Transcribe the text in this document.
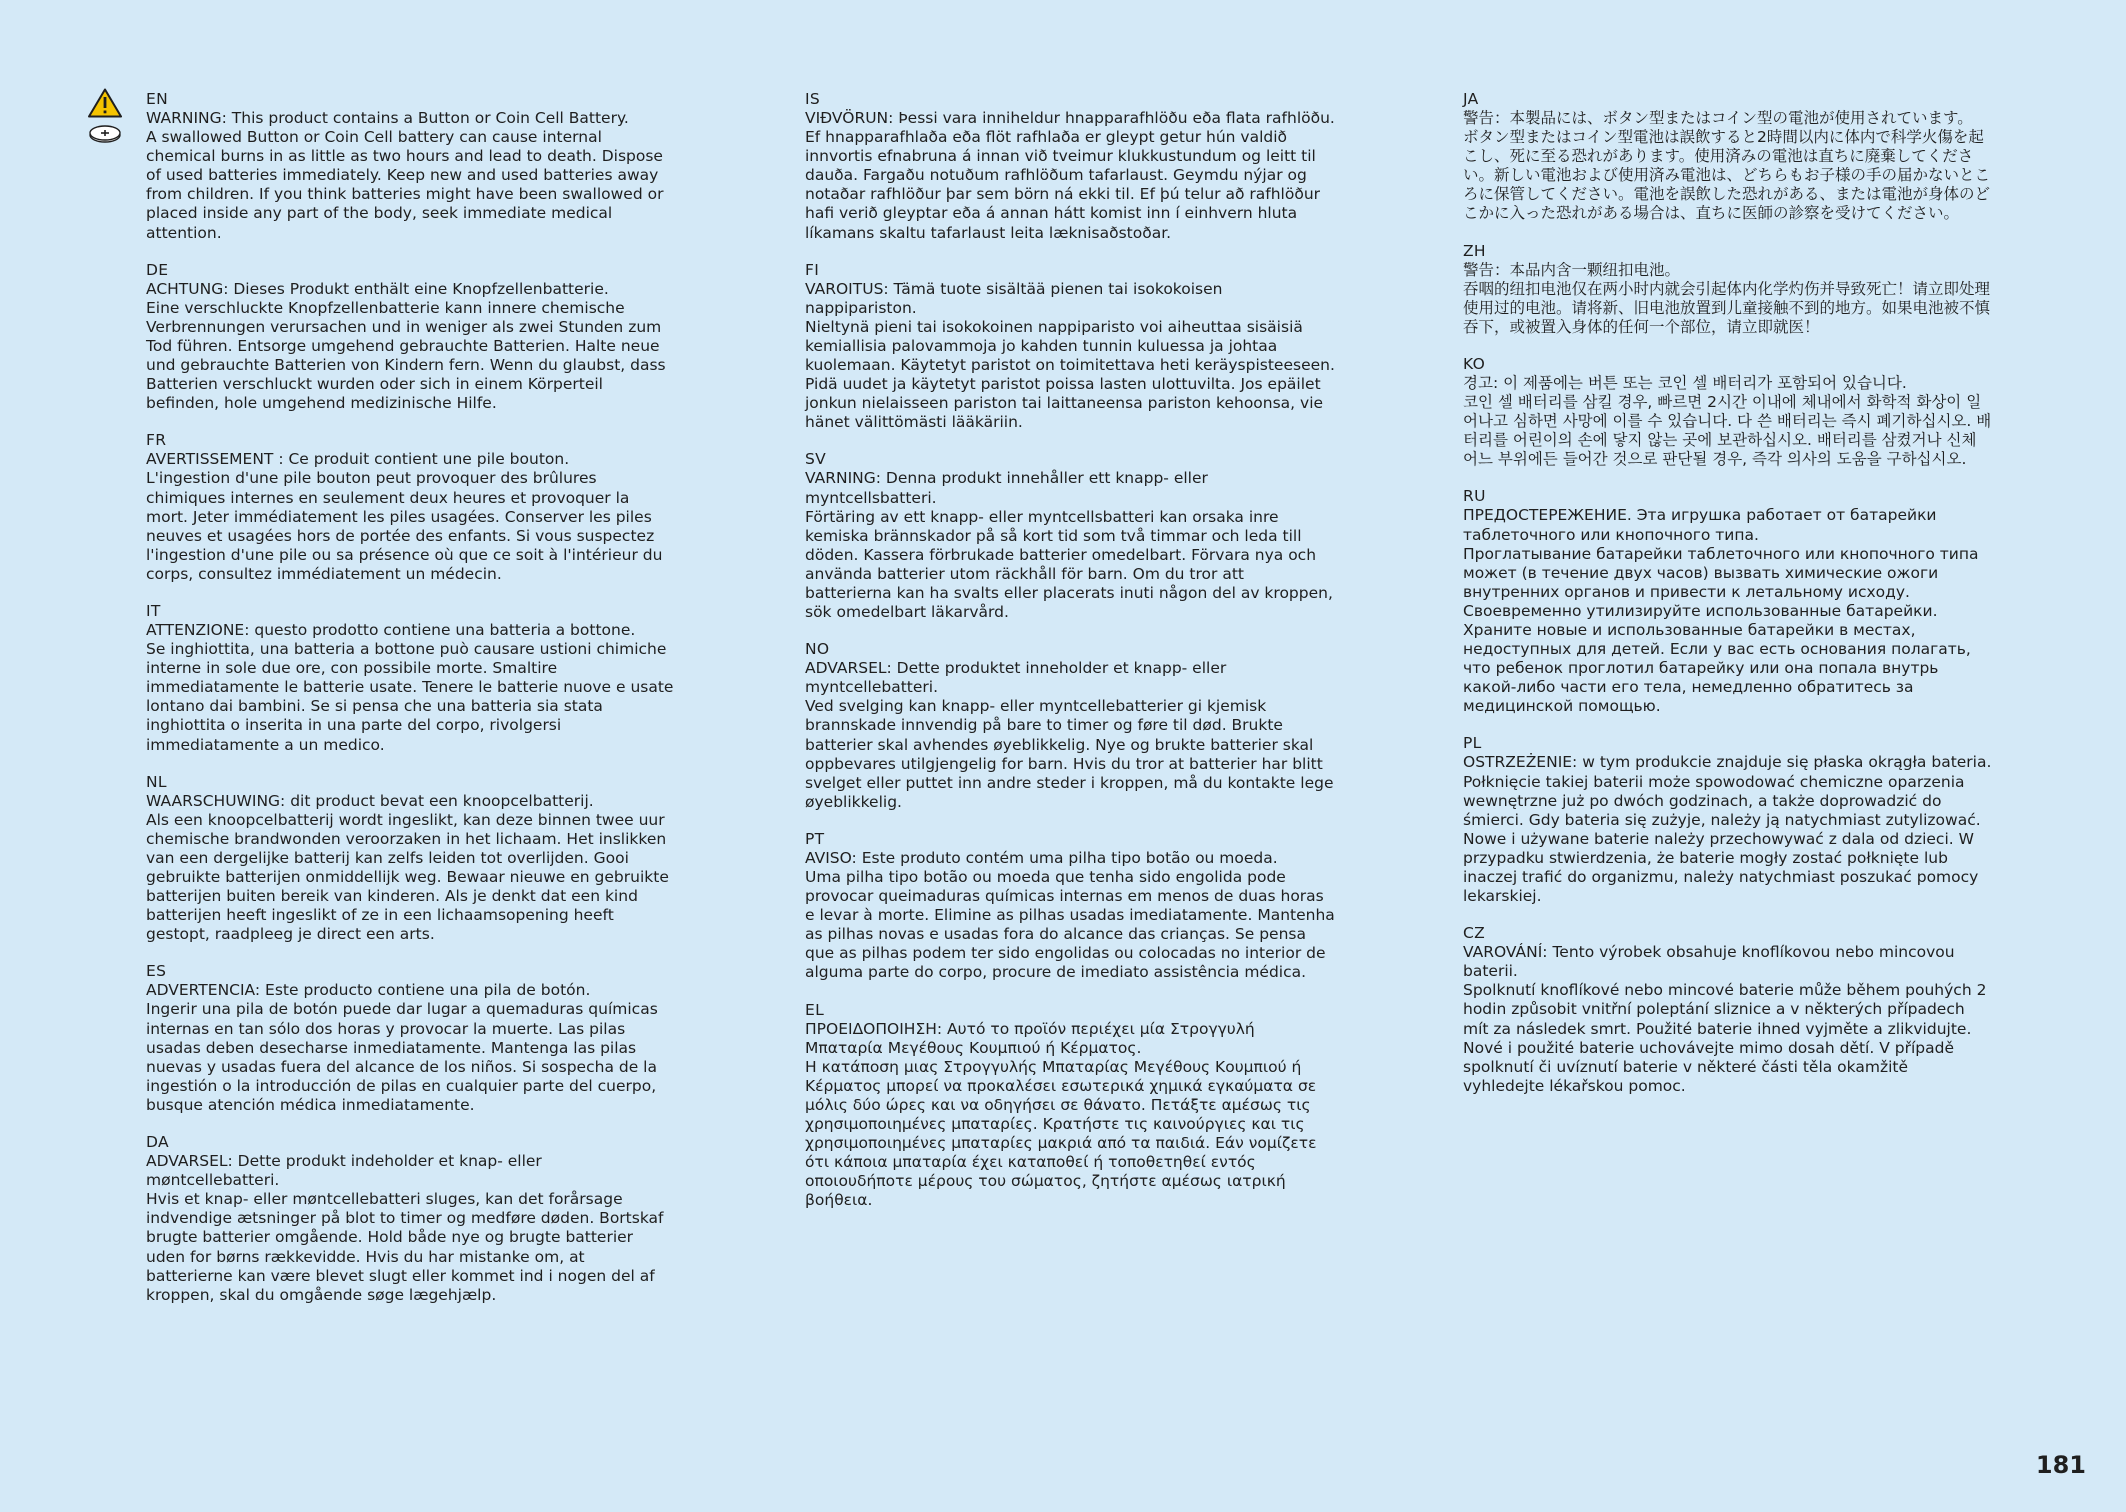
EN

WARNING: This product contains a Button or Coin Cell Battery.
A swallowed Button or Coin Cell battery can cause internal chemical burns in as little as two hours and lead to death. Dispose of used batteries immediately. Keep new and used batteries away from children. If you think batteries might have been swallowed or placed inside any part of the body, seek immediate medical attention.

DE

ACHTUNG: Dieses Produkt enthält eine Knopfzellenbatterie.
Eine verschluckte Knopfzellenbatterie kann innere chemische Verbrennungen verursachen und in weniger als zwei Stunden zum Tod führen. Entsorge umgehend gebrauchte Batterien. Halte neue und gebrauchte Batterien von Kindern fern. Wenn du glaubst, dass Batterien verschluckt wurden oder sich in einem Körperteil befinden, hole umgehend medizinische Hilfe.

FR

AVERTISSEMENT : Ce produit contient une pile bouton.
L'ingestion d'une pile bouton peut provoquer des brûlures chimiques internes en seulement deux heures et provoquer la mort. Jeter immédiatement les piles usagées. Conserver les piles neuves et usagées hors de portée des enfants. Si vous suspectez l'ingestion d'une pile ou sa présence où que ce soit à l'intérieur du corps, consultez immédiatement un médecin.

IT

ATTENZIONE: questo prodotto contiene una batteria a bottone.
Se inghiottita, una batteria a bottone può causare ustioni chimiche interne in sole due ore, con possibile morte. Smaltire immediatamente le batterie usate. Tenere le batterie nuove e usate lontano dai bambini. Se si pensa che una batteria sia stata inghiottita o inserita in una parte del corpo, rivolgersi immediatamente a un medico.

NL

WAARSCHUWING: dit product bevat een knoopcelbatterij.
Als een knoopcelbatterij wordt ingeslikt, kan deze binnen twee uur chemische brandwonden veroorzaken in het lichaam. Het inslikken van een dergelijke batterij kan zelfs leiden tot overlijden. Gooi gebruikte batterijen onmiddellijk weg. Bewaar nieuwe en gebruikte batterijen buiten bereik van kinderen. Als je denkt dat een kind batterijen heeft ingeslikt of ze in een lichaamsopening heeft gestopt, raadpleeg je direct een arts.

ES

ADVERTENCIA: Este producto contiene una pila de botón.
Ingerir una pila de botón puede dar lugar a quemaduras químicas internas en tan sólo dos horas y provocar la muerte. Las pilas usadas deben desecharse inmediatamente. Mantenga las pilas nuevas y usadas fuera del alcance de los niños. Si sospecha de la ingestión o la introducción de pilas en cualquier parte del cuerpo, busque atención médica inmediatamente.

DA

ADVARSEL: Dette produkt indeholder et knap- eller møntcellebatteri.
Hvis et knap- eller møntcellebatteri sluges, kan det forårsage indvendige ætsninger på blot to timer og medføre døden. Bortskaf brugte batterier omgående. Hold både nye og brugte batterier uden for børns rækkevidde. Hvis du har mistanke om, at batterierne kan være blevet slugt eller kommet ind i nogen del af kroppen, skal du omgående søge lægehjælp.

IS

VIÐVÖRUN: Þessi vara inniheldur hnapparafhlöðu eða flata rafhlöðu.
Ef hnapparafhlaða eða flöt rafhlaða er gleypt getur hún valdið innvortis efnabruna á innan við tveimur klukkustundum og leitt til dauða. Fargaðu notuðum rafhlöðum tafarlaust. Geymdu nýjar og notaðar rafhlöður þar sem börn ná ekki til. Ef þú telur að rafhlöður hafi verið gleyptar eða á annan hátt komist inn í einhvern hluta líkamans skaltu tafarlaust leita læknisaðstoðar.

FI

VAROITUS: Tämä tuote sisältää pienen tai isokokoisen nappipariston.
Nieltynä pieni tai isokokoinen nappiparisto voi aiheuttaa sisäisiä kemiallisia palovammoja jo kahden tunnin kuluessa ja johtaa kuolemaan. Käytetyt paristot on toimitettava heti keräyspisteeseen. Pidä uudet ja käytetyt paristot poissa lasten ulottuvilta. Jos epäilet jonkun nielaisseen pariston tai laittaneensa pariston kehoonsa, vie hänet välittömästi lääkäriin.

SV

VARNING: Denna produkt innehåller ett knapp- eller myntcellsbatteri.
Förtäring av ett knapp- eller myntcellsbatteri kan orsaka inre kemiska brännskador på så kort tid som två timmar och leda till döden. Kassera förbrukade batterier omedelbart. Förvara nya och använda batterier utom räckhåll för barn. Om du tror att batterierna kan ha svalts eller placerats inuti någon del av kroppen, sök omedelbart läkarvård.

NO

ADVARSEL: Dette produktet inneholder et knapp- eller myntcellebatteri.
Ved svelging kan knapp- eller myntcellebatterier gi kjemisk brannskade innvendig på bare to timer og føre til død. Brukte batterier skal avhendes øyeblikkelig. Nye og brukte batterier skal oppbevares utilgjengelig for barn. Hvis du tror at batterier har blitt svelget eller puttet inn andre steder i kroppen, må du kontakte lege øyeblikkelig.

PT

AVISO: Este produto contém uma pilha tipo botão ou moeda.
Uma pilha tipo botão ou moeda que tenha sido engolida pode provocar queimaduras químicas internas em menos de duas horas e levar à morte. Elimine as pilhas usadas imediatamente. Mantenha as pilhas novas e usadas fora do alcance das crianças. Se pensa que as pilhas podem ter sido engolidas ou colocadas no interior de alguma parte do corpo, procure de imediato assistência médica.

EL

ΠΡΟΕΙΔΟΠΟΙΗΣΗ: Αυτό το προϊόν περιέχει μία Στρογγυλή Μπαταρία Μεγέθους Κουμπιού ή Κέρματος.
Η κατάποση μιας Στρογγυλής Μπαταρίας Μεγέθους Κουμπιού ή Κέρματος μπορεί να προκαλέσει εσωτερικά χημικά εγκαύματα σε μόλις δύο ώρες και να οδηγήσει σε θάνατο. Πετάξτε αμέσως τις χρησιμοποιημένες μπαταρίες. Κρατήστε τις καινούργιες και τις χρησιμοποιημένες μπαταρίες μακριά από τα παιδιά. Εάν νομίζετε ότι κάποια μπαταρία έχει καταποθεί ή τοποθετηθεί εντός οποιουδήποτε μέρους του σώματος, ζητήστε αμέσως ιατρική βοήθεια.

JA

警告：本製品には、ボタン型またはコイン型の電池が使用されています。
ボタン型またはコイン型電池は誤飲すると2時間以内に体内で科学火傷を起こし、死に至る恐れがあります。使用済みの電池は直ちに廃棄してください。新しい電池および使用済み電池は、どちらもお子様の手の届かないところに保管してください。電池を誤飲した恐れがある、または電池が身体のどこかに入った恐れがある場合は、直ちに医師の診察を受けてください。

ZH

警告：本品内含一颗纽扣电池。
吞咽的纽扣电池仅在两小时内就会引起体内化学灼伤并导致死亡！请立即处理使用过的电池。请将新、旧电池放置到儿童接触不到的地方。如果电池被不慎吞下，或被置入身体的任何一个部位，请立即就医！

KO

경고: 이 제품에는 버튼 또는 코인 셀 배터리가 포함되어 있습니다.
코인 셀 배터리를 삼킬 경우, 빠르면 2시간 이내에 체내에서 화학적 화상이 일어나고 심하면 사망에 이를 수 있습니다. 다 쓴 배터리는 즉시 폐기하십시오. 배터리를 어린이의 손에 닿지 않는 곳에 보관하십시오. 배터리를 삼켰거나 신체 어느 부위에든 들어간 것으로 판단될 경우, 즉각 의사의 도움을 구하십시오.

RU

ПРЕДОСТЕРЕЖЕНИЕ. Эта игрушка работает от батарейки таблеточного или кнопочного типа.
Проглатывание батарейки таблеточного или кнопочного типа может (в течение двух часов) вызвать химические ожоги внутренних органов и привести к летальному исходу. Своевременно утилизируйте использованные батарейки. Храните новые и использованные батарейки в местах, недоступных для детей. Если у вас есть основания полагать, что ребенок проглотил батарейку или она попала внутрь какой-либо части его тела, немедленно обратитесь за медицинской помощью.

PL

OSTRZEŻENIE: w tym produkcie znajduje się płaska okrągła bateria.
Połknięcie takiej baterii może spowodować chemiczne oparzenia wewnętrzne już po dwóch godzinach, a także doprowadzić do śmierci. Gdy bateria się zużyje, należy ją natychmiast zutylizować. Nowe i używane baterie należy przechowywać z dala od dzieci. W przypadku stwierdzenia, że baterie mogły zostać połknięte lub inaczej trafić do organizmu, należy natychmiast poszukać pomocy lekarskiej.

CZ

VAROVÁNÍ: Tento výrobek obsahuje knoflíkovou nebo mincovou baterii.
Spolknutí knoflíkové nebo mincové baterie může během pouhých 2 hodin způsobit vnitřní poleptání sliznice a v některých případech mít za následek smrt. Použité baterie ihned vyjměte a zlikvidujte. Nové i použité baterie uchovávejte mimo dosah dětí. V případě spolknutí či uvíznutí baterie v některé části těla okamžitě vyhledejte lékařskou pomoc.

181
